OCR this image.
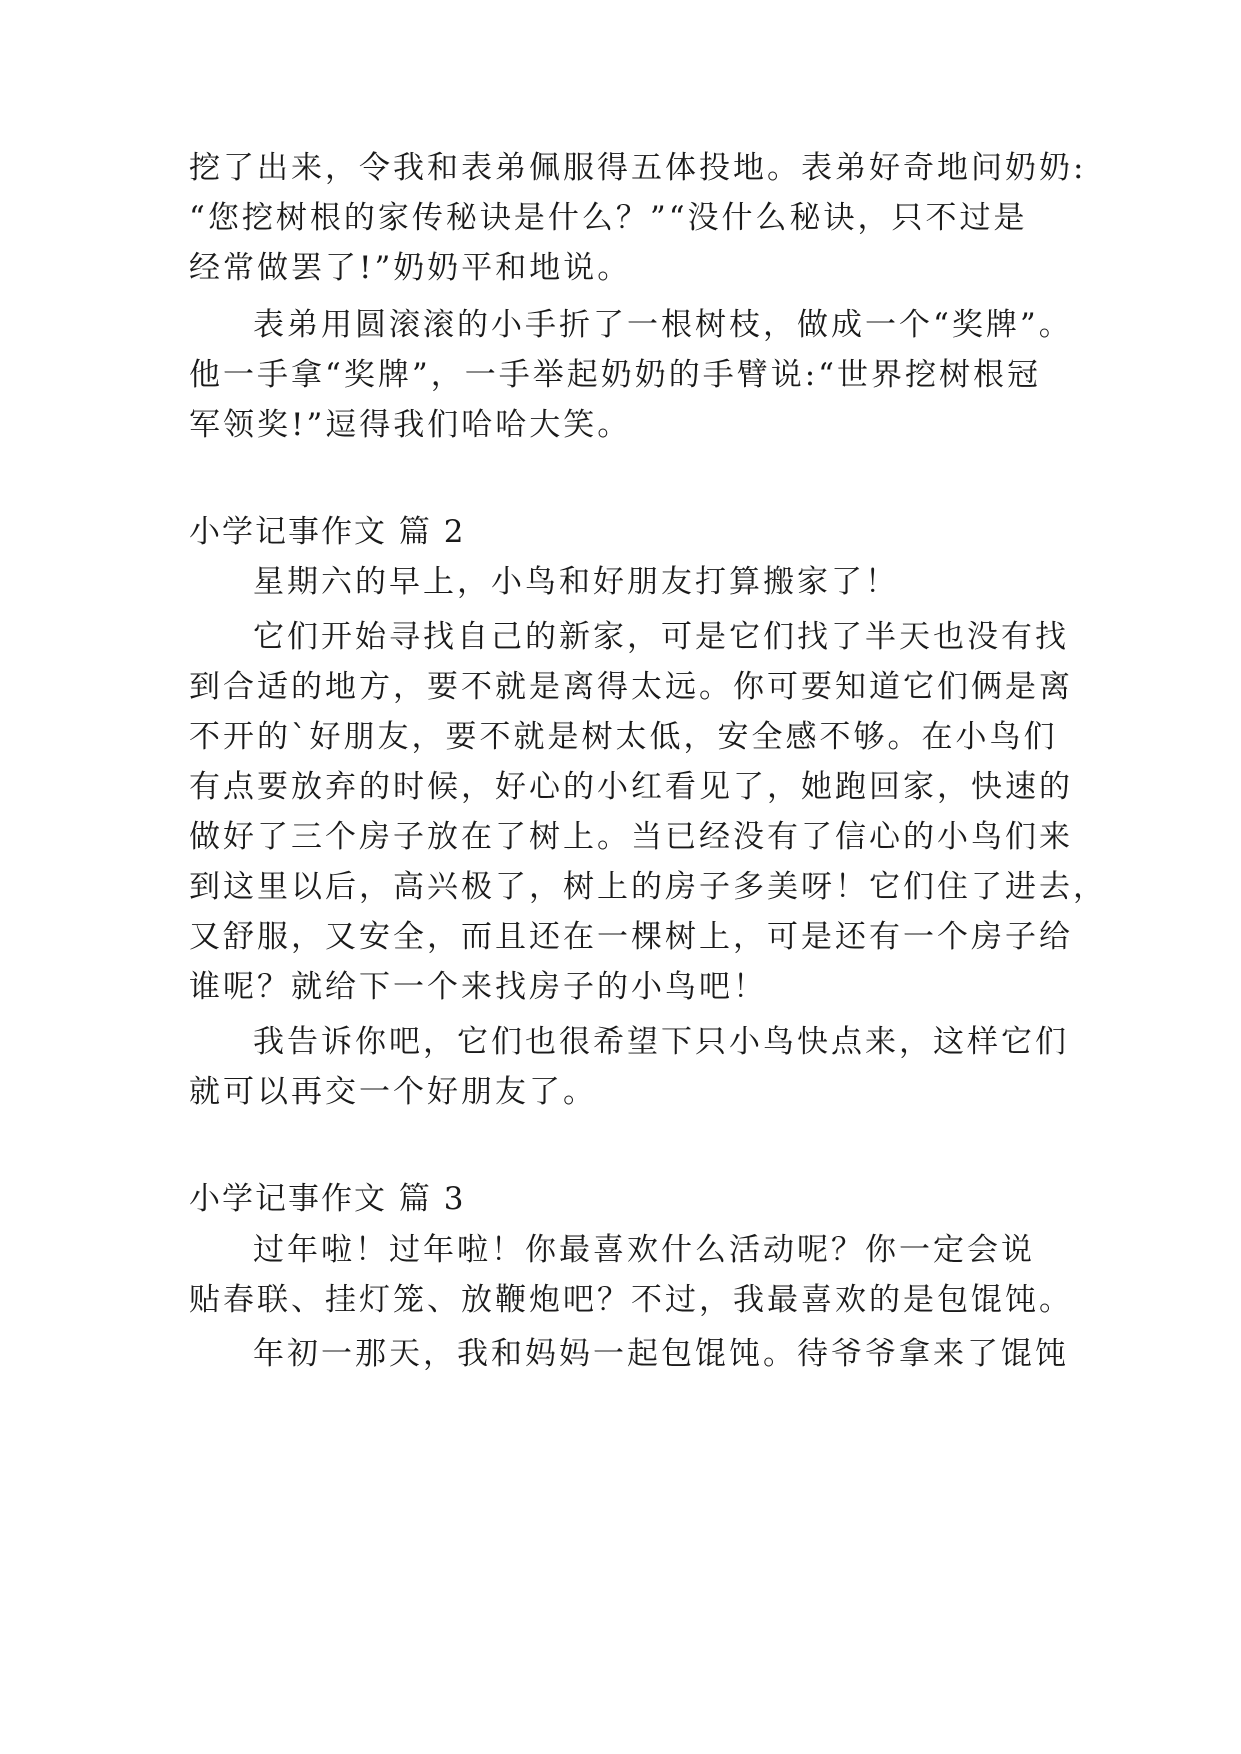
挖了出来，令我和表弟佩服得五体投地。表弟好奇地问奶奶:
“您挖树根的家传秘诀是什么？”“没什么秘诀，只不过是
经常做罢了!”奶奶平和地说。
表弟用圆滚滚的小手折了一根树枝，做成一个“奖牌”。
他一手拿“奖牌”，一手举起奶奶的手臂说:“世界挖树根冠
军领奖!”逗得我们哈哈大笑。
小学记事作文 篇 2
星期六的早上，小鸟和好朋友打算搬家了！
它们开始寻找自己的新家，可是它们找了半天也没有找
到合适的地方，要不就是离得太远。你可要知道它们俩是离
不开的`好朋友，要不就是树太低，安全感不够。在小鸟们
有点要放弃的时候，好心的小红看见了，她跑回家，快速的
做好了三个房子放在了树上。当已经没有了信心的小鸟们来
到这里以后，高兴极了，树上的房子多美呀！它们住了进去，
又舒服，又安全，而且还在一棵树上，可是还有一个房子给
谁呢？就给下一个来找房子的小鸟吧！
我告诉你吧，它们也很希望下只小鸟快点来，这样它们
就可以再交一个好朋友了。
小学记事作文 篇 3
过年啦！过年啦！你最喜欢什么活动呢？你一定会说
贴春联、挂灯笼、放鞭炮吧？不过，我最喜欢的是包馄饨。
年初一那天，我和妈妈一起包馄饨。待爷爷拿来了馄饨
